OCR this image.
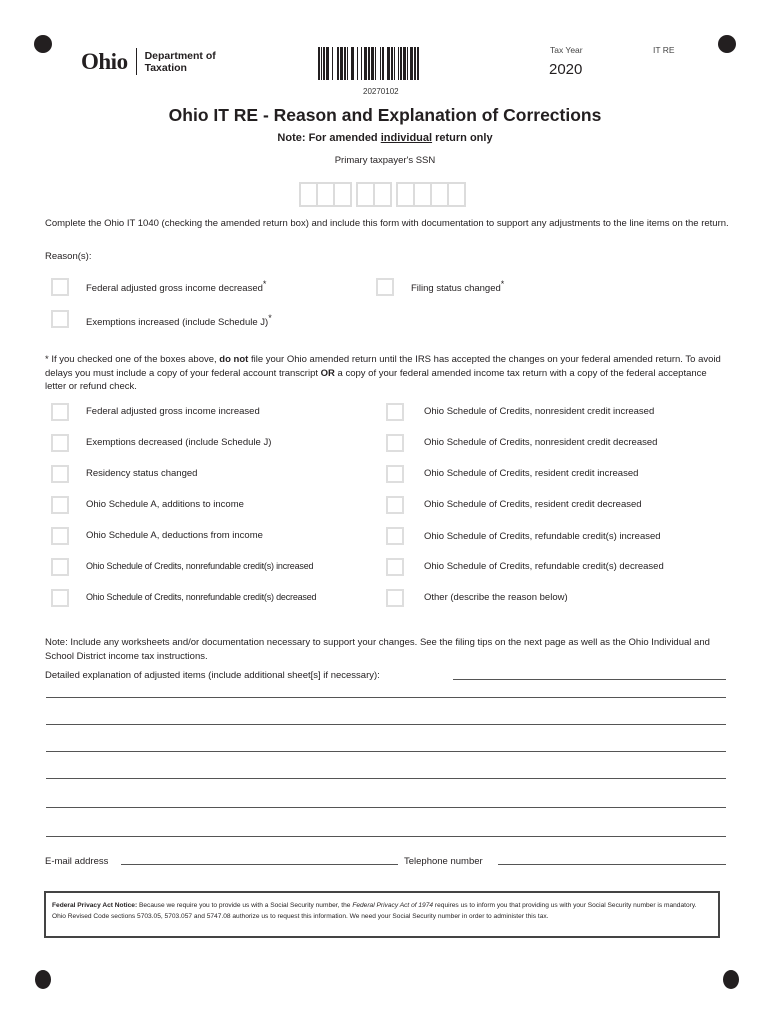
Ohio Department of
Taxation
20270102
Tax Year
2020
IT RE
Ohio IT RE - Reason and Explanation of Corrections
Note: For amended individual return only
Primary taxpayer's SSN
Complete the Ohio IT 1040 (checking the amended return box) and include this form with documentation to support any adjustments to the line items on the return.
Reason(s):
Federal adjusted gross income decreased*	Filing status changed*
Exemptions increased (include Schedule J)*
* If you checked one of the boxes above, do not file your Ohio amended return until the IRS has accepted the changes on your federal amended return. To avoid delays you must include a copy of your federal account transcript OR a copy of your federal amended income tax return with a copy of the federal acceptance letter or refund check.
Federal adjusted gross income increased
Exemptions decreased (include Schedule J)
Residency status changed
Ohio Schedule A, additions to income
Ohio Schedule A, deductions from income
Ohio Schedule of Credits, nonrefundable credit(s) increased
Ohio Schedule of Credits, nonrefundable credit(s) decreased
Ohio Schedule of Credits, nonresident credit increased
Ohio Schedule of Credits, nonresident credit decreased
Ohio Schedule of Credits, resident credit increased
Ohio Schedule of Credits, resident credit decreased
Ohio Schedule of Credits, refundable credit(s) increased
Ohio Schedule of Credits, refundable credit(s) decreased
Other (describe the reason below)
Note: Include any worksheets and/or documentation necessary to support your changes. See the filing tips on the next page as well as the Ohio Individual and School District income tax instructions.
Detailed explanation of adjusted items (include additional sheet[s] if necessary):
E-mail address	Telephone number
Federal Privacy Act Notice: Because we require you to provide us with a Social Security number, the Federal Privacy Act of 1974 requires us to inform you that providing us with your Social Security number is mandatory. Ohio Revised Code sections 5703.05, 5703.057 and 5747.08 authorize us to request this information. We need your Social Security number in order to administer this tax.
